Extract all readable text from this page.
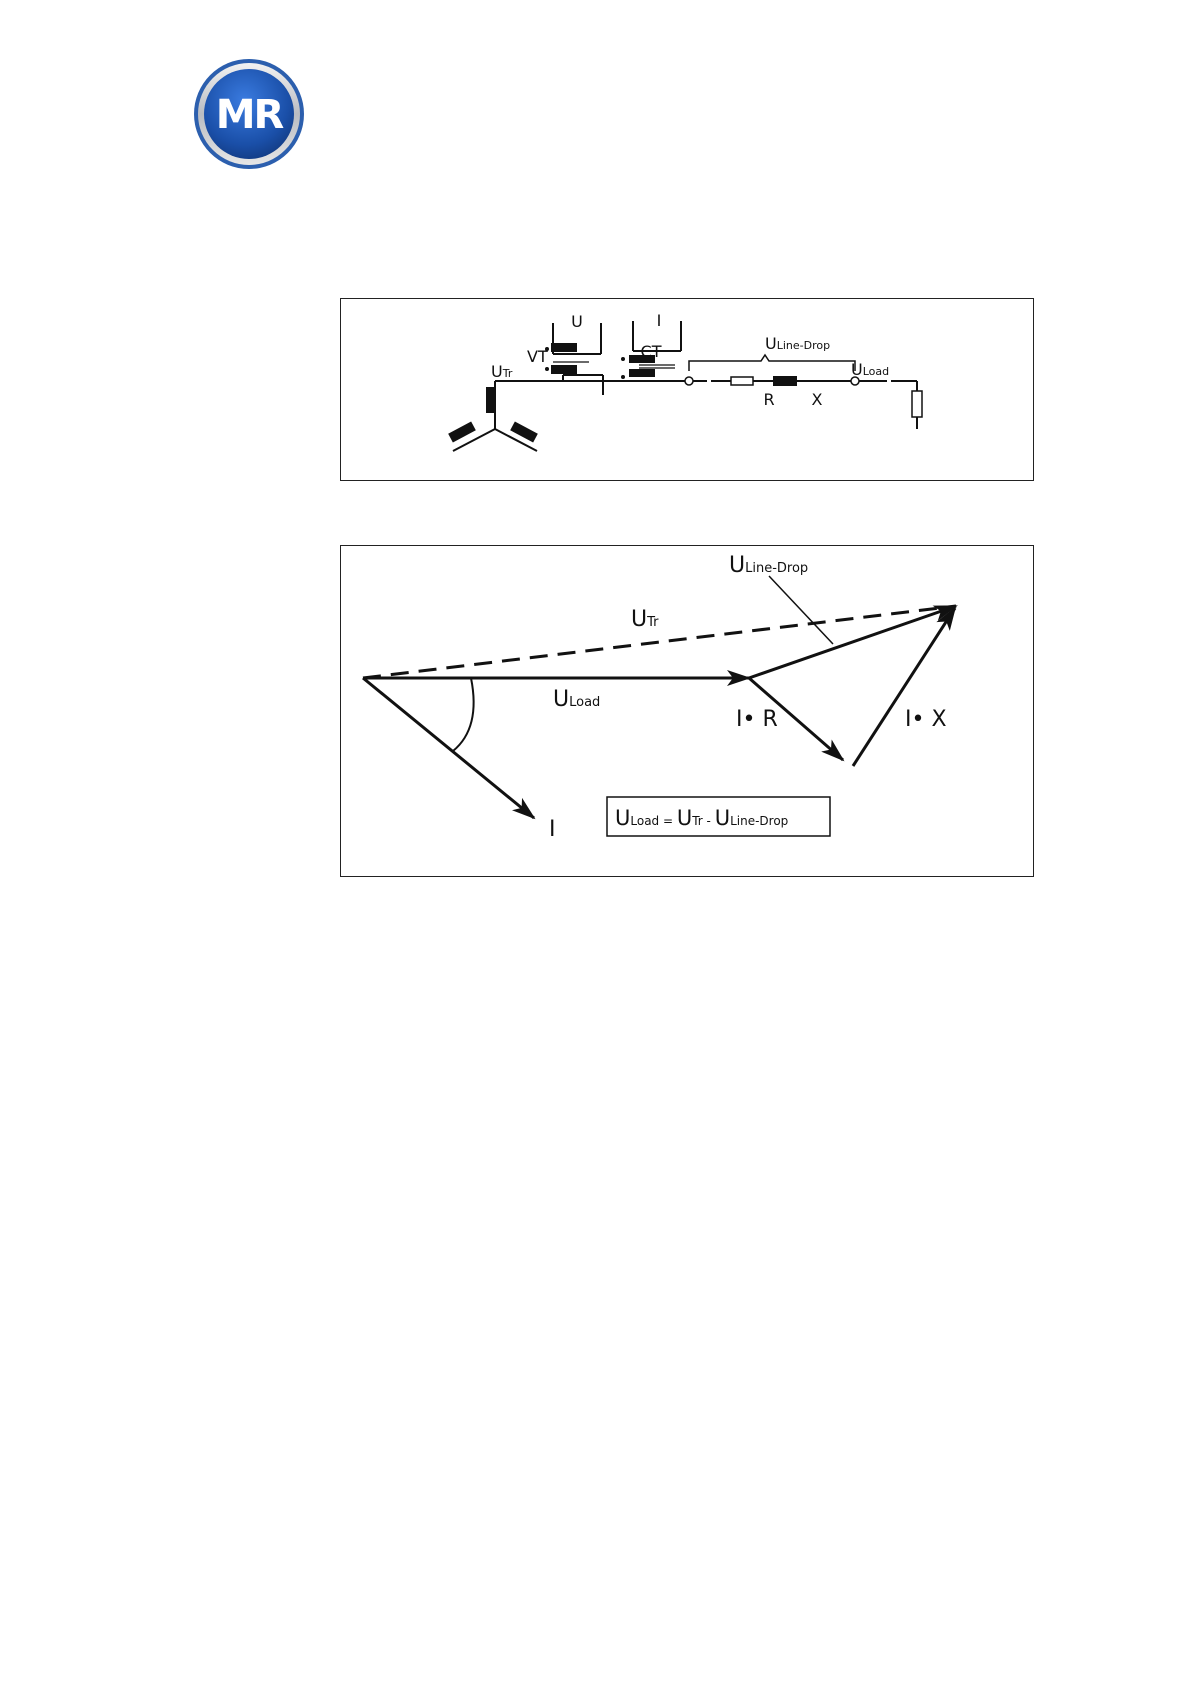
MR
U	I
VT	CT
R X
UTr
ULine-Drop
ULoad
ULine-Drop
UTr
ULoad
I
I• R	I• X
ULoad = UTr - ULine-Drop
